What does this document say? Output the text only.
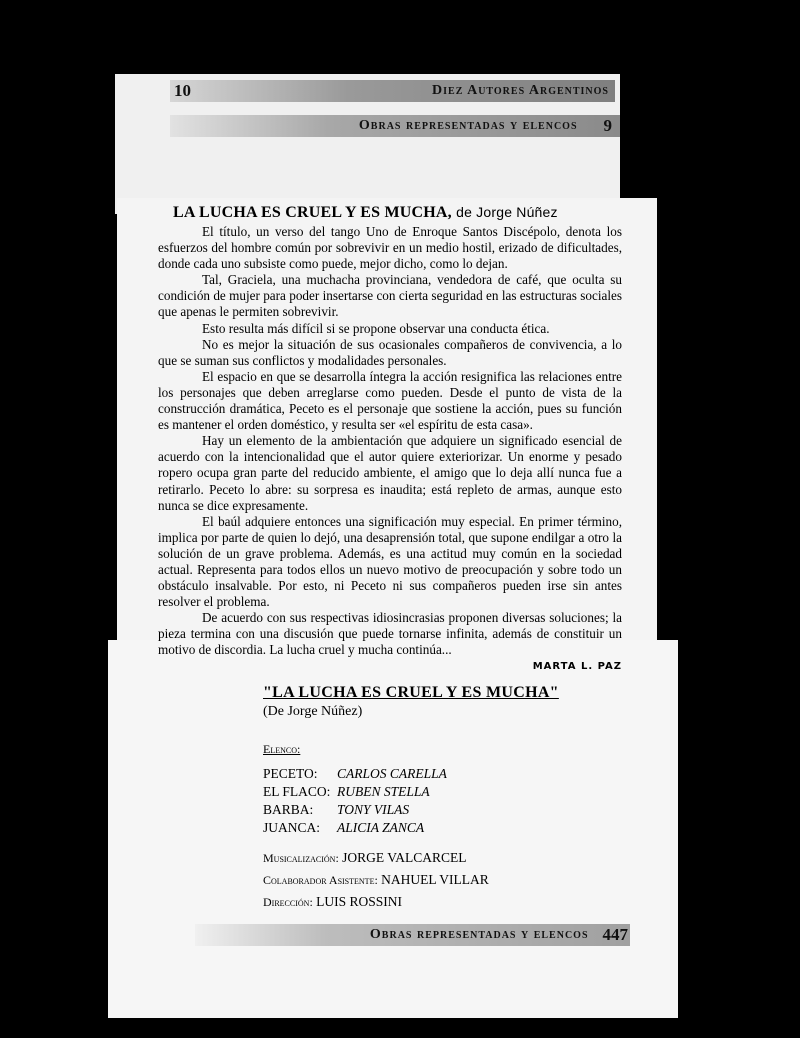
10	Diez Autores Argentinos
Obras representadas y elencos 9
LA LUCHA ES CRUEL Y ES MUCHA, de Jorge Núñez

El título, un verso del tango Uno de Enroque Santos Discépolo, denota los esfuerzos del hombre común por sobrevivir en un medio hostil, erizado de dificultades, donde cada uno subsiste como puede, mejor dicho, como lo dejan.

Tal, Graciela, una muchacha provinciana, vendedora de café, que oculta su condición de mujer para poder insertarse con cierta seguridad en las estructuras sociales que apenas le permiten sobrevivir.

Esto resulta más difícil si se propone observar una conducta ética.

No es mejor la situación de sus ocasionales compañeros de convivencia, a lo que se suman sus conflictos y modalidades personales.

El espacio en que se desarrolla íntegra la acción resignifica las relaciones entre los personajes que deben arreglarse como pueden. Desde el punto de vista de la construcción dramática, Peceto es el personaje que sostiene la acción, pues su función es mantener el orden doméstico, y resulta ser «el espíritu de esta casa».

Hay un elemento de la ambientación que adquiere un significado esencial de acuerdo con la intencionalidad que el autor quiere exteriorizar. Un enorme y pesado ropero ocupa gran parte del reducido ambiente, el amigo que lo deja allí nunca fue a retirarlo. Peceto lo abre: su sorpresa es inaudita; está repleto de armas, aunque esto nunca se dice expresamente.

El baúl adquiere entonces una significación muy especial. En primer término, implica por parte de quien lo dejó, una desaprensión total, que supone endilgar a otro la solución de un grave problema. Además, es una actitud muy común en la sociedad actual. Representa para todos ellos un nuevo motivo de preocupación y sobre todo un obstáculo insalvable. Por esto, ni Peceto ni sus compañeros pueden irse sin antes resolver el problema.

De acuerdo con sus respectivas idiosincrasias proponen diversas soluciones; la pieza termina con una discusión que puede tornarse infinita, además de constituir un motivo de discordia. La lucha cruel y mucha continúa...

MARTA L. PAZ
"LA LUCHA ES CRUEL Y ES MUCHA"
(De Jorge Núñez)
Elenco:
PECETO:	CARLOS CARELLA
EL FLACO:	RUBEN STELLA
BARBA:	TONY VILAS
JUANCA:	ALICIA ZANCA
Musicalización: JORGE VALCARCEL
Colaborador Asistente: NAHUEL VILLAR
Dirección: LUIS ROSSINI
Obras representadas y elencos 447
